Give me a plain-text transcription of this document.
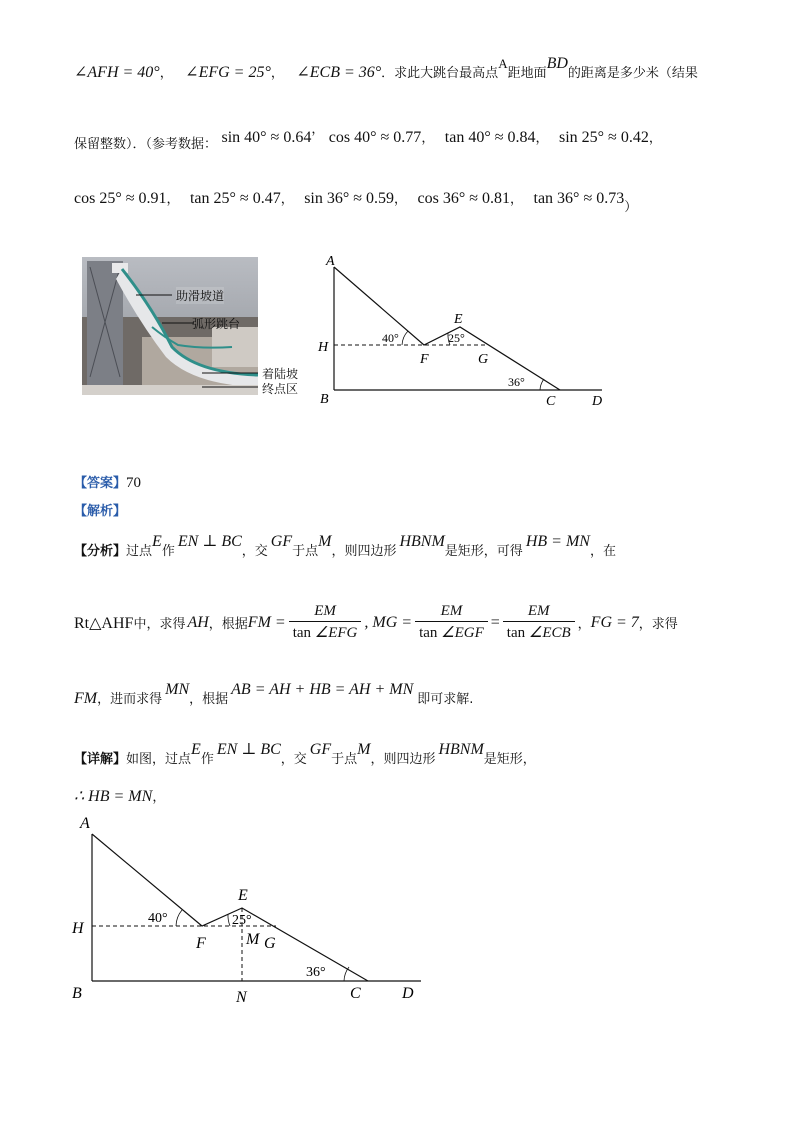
∠AFH = 40°， ∠EFG = 25°， ∠ECB = 36°．求此大跳台最高点A距地面BD的距离是多少米（结果
保留整数）．（参考数据： sin 40° ≈ 0.64， cos 40° ≈ 0.77， tan 40° ≈ 0.84， sin 25° ≈ 0.42，
cos 25° ≈ 0.91， tan 25° ≈ 0.47， sin 36° ≈ 0.59， cos 36° ≈ 0.81， tan 36° ≈ 0.73）
助滑坡道
弧形跳台
着陆坡
终点区
A
H
B
F
E
G
C	D
40°	25°
36°
【答案】70
【解析】
【分析】过点E作EN ⊥ BC，交GF于点M，则四边形HBNM是矩形，可得HB = MN，在
Rt△AHF 中，求得 AH ，根据 FM = $\frac{EM}{\text{tan ∠EFG}}$ , MG = $\frac{EM}{\text{tan ∠EGF}} = \frac{EM}{\text{tan ∠ECB}}$ ， FG = 7 ，求得
FM，进而求得MN，根据AB = AH + HB = AH + MN即可求解.
【详解】如图，过点E作EN ⊥ BC，交GF于点M，则四边形HBNM是矩形，
∴ HB = MN，
A
H
B
F
E
M G
N	C	D
40°	25°
36°
